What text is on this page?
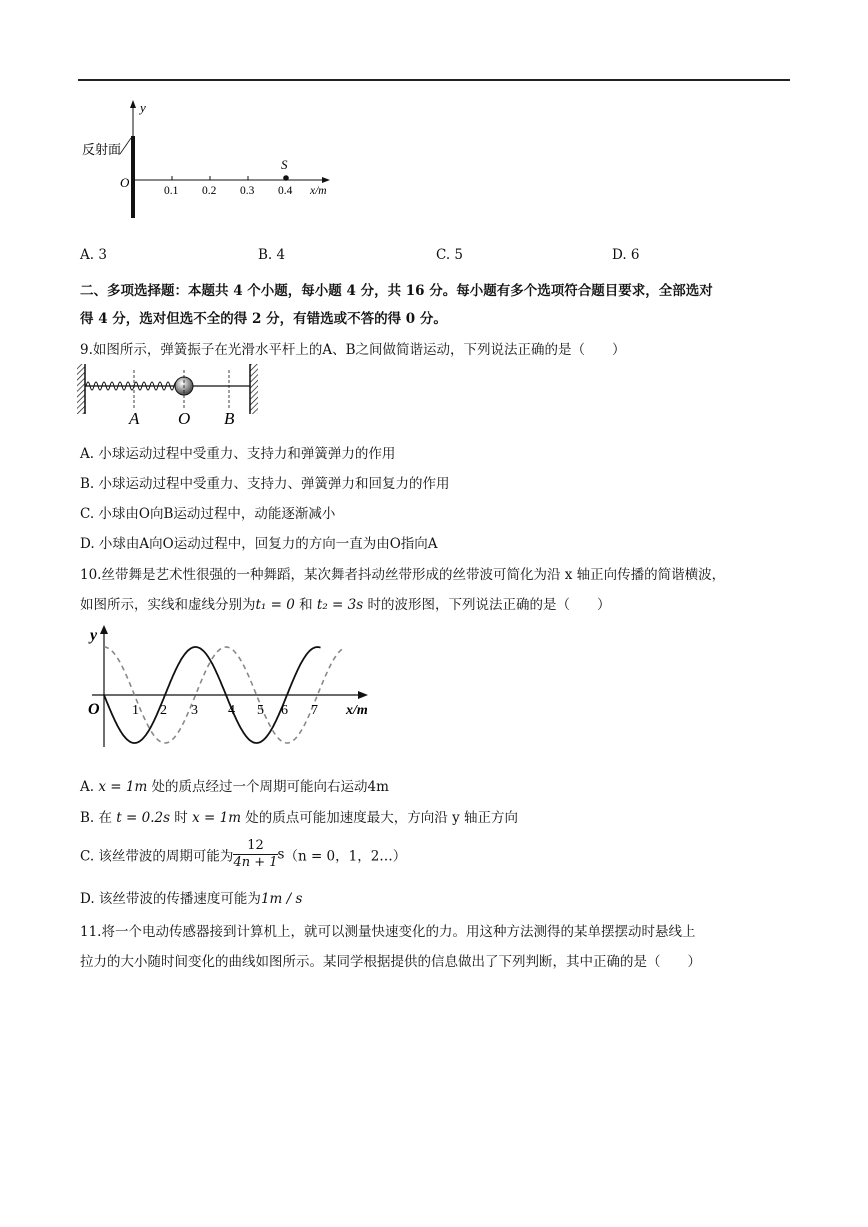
y
反射面
O
S
0.1 0.2 0.3 0.4 x/m
A. 3	B. 4	C. 5	D. 6
二、多项选择题：本题共 4 个小题，每小题 4 分，共 16 分。每小题有多个选项符合题目要求，全部选对
得 4 分，选对但选不全的得 2 分，有错选或不答的得 0 分。
9.如图所示，弹簧振子在光滑水平杆上的A、B之间做简谐运动，下列说法正确的是（　　）
A O B
A. 小球运动过程中受重力、支持力和弹簧弹力的作用
B. 小球运动过程中受重力、支持力、弹簧弹力和回复力的作用
C. 小球由O向B运动过程中，动能逐渐减小
D. 小球由A向O运动过程中，回复力的方向一直为由O指向A
10.丝带舞是艺术性很强的一种舞蹈，某次舞者抖动丝带形成的丝带波可简化为沿 x 轴正向传播的简谐横波，
如图所示，实线和虚线分别为t₁ = 0 和 t₂ = 3s 时的波形图，下列说法正确的是（　　）
y
O 1 2 3 4 5 6 7 x/m
A. x = 1m 处的质点经过一个周期可能向右运动4m
B. 在 t = 0.2s 时 x = 1m 处的质点可能加速度最大，方向沿 y 轴正方向
C. 该丝带波的周期可能为 $\frac{12}{4n + 1} s(n = 0$，1，2…）
D. 该丝带波的传播速度可能为1m / s
11.将一个电动传感器接到计算机上，就可以测量快速变化的力。用这种方法测得的某单摆摆动时悬线上
拉力的大小随时间变化的曲线如图所示。某同学根据提供的信息做出了下列判断，其中正确的是（　　）
